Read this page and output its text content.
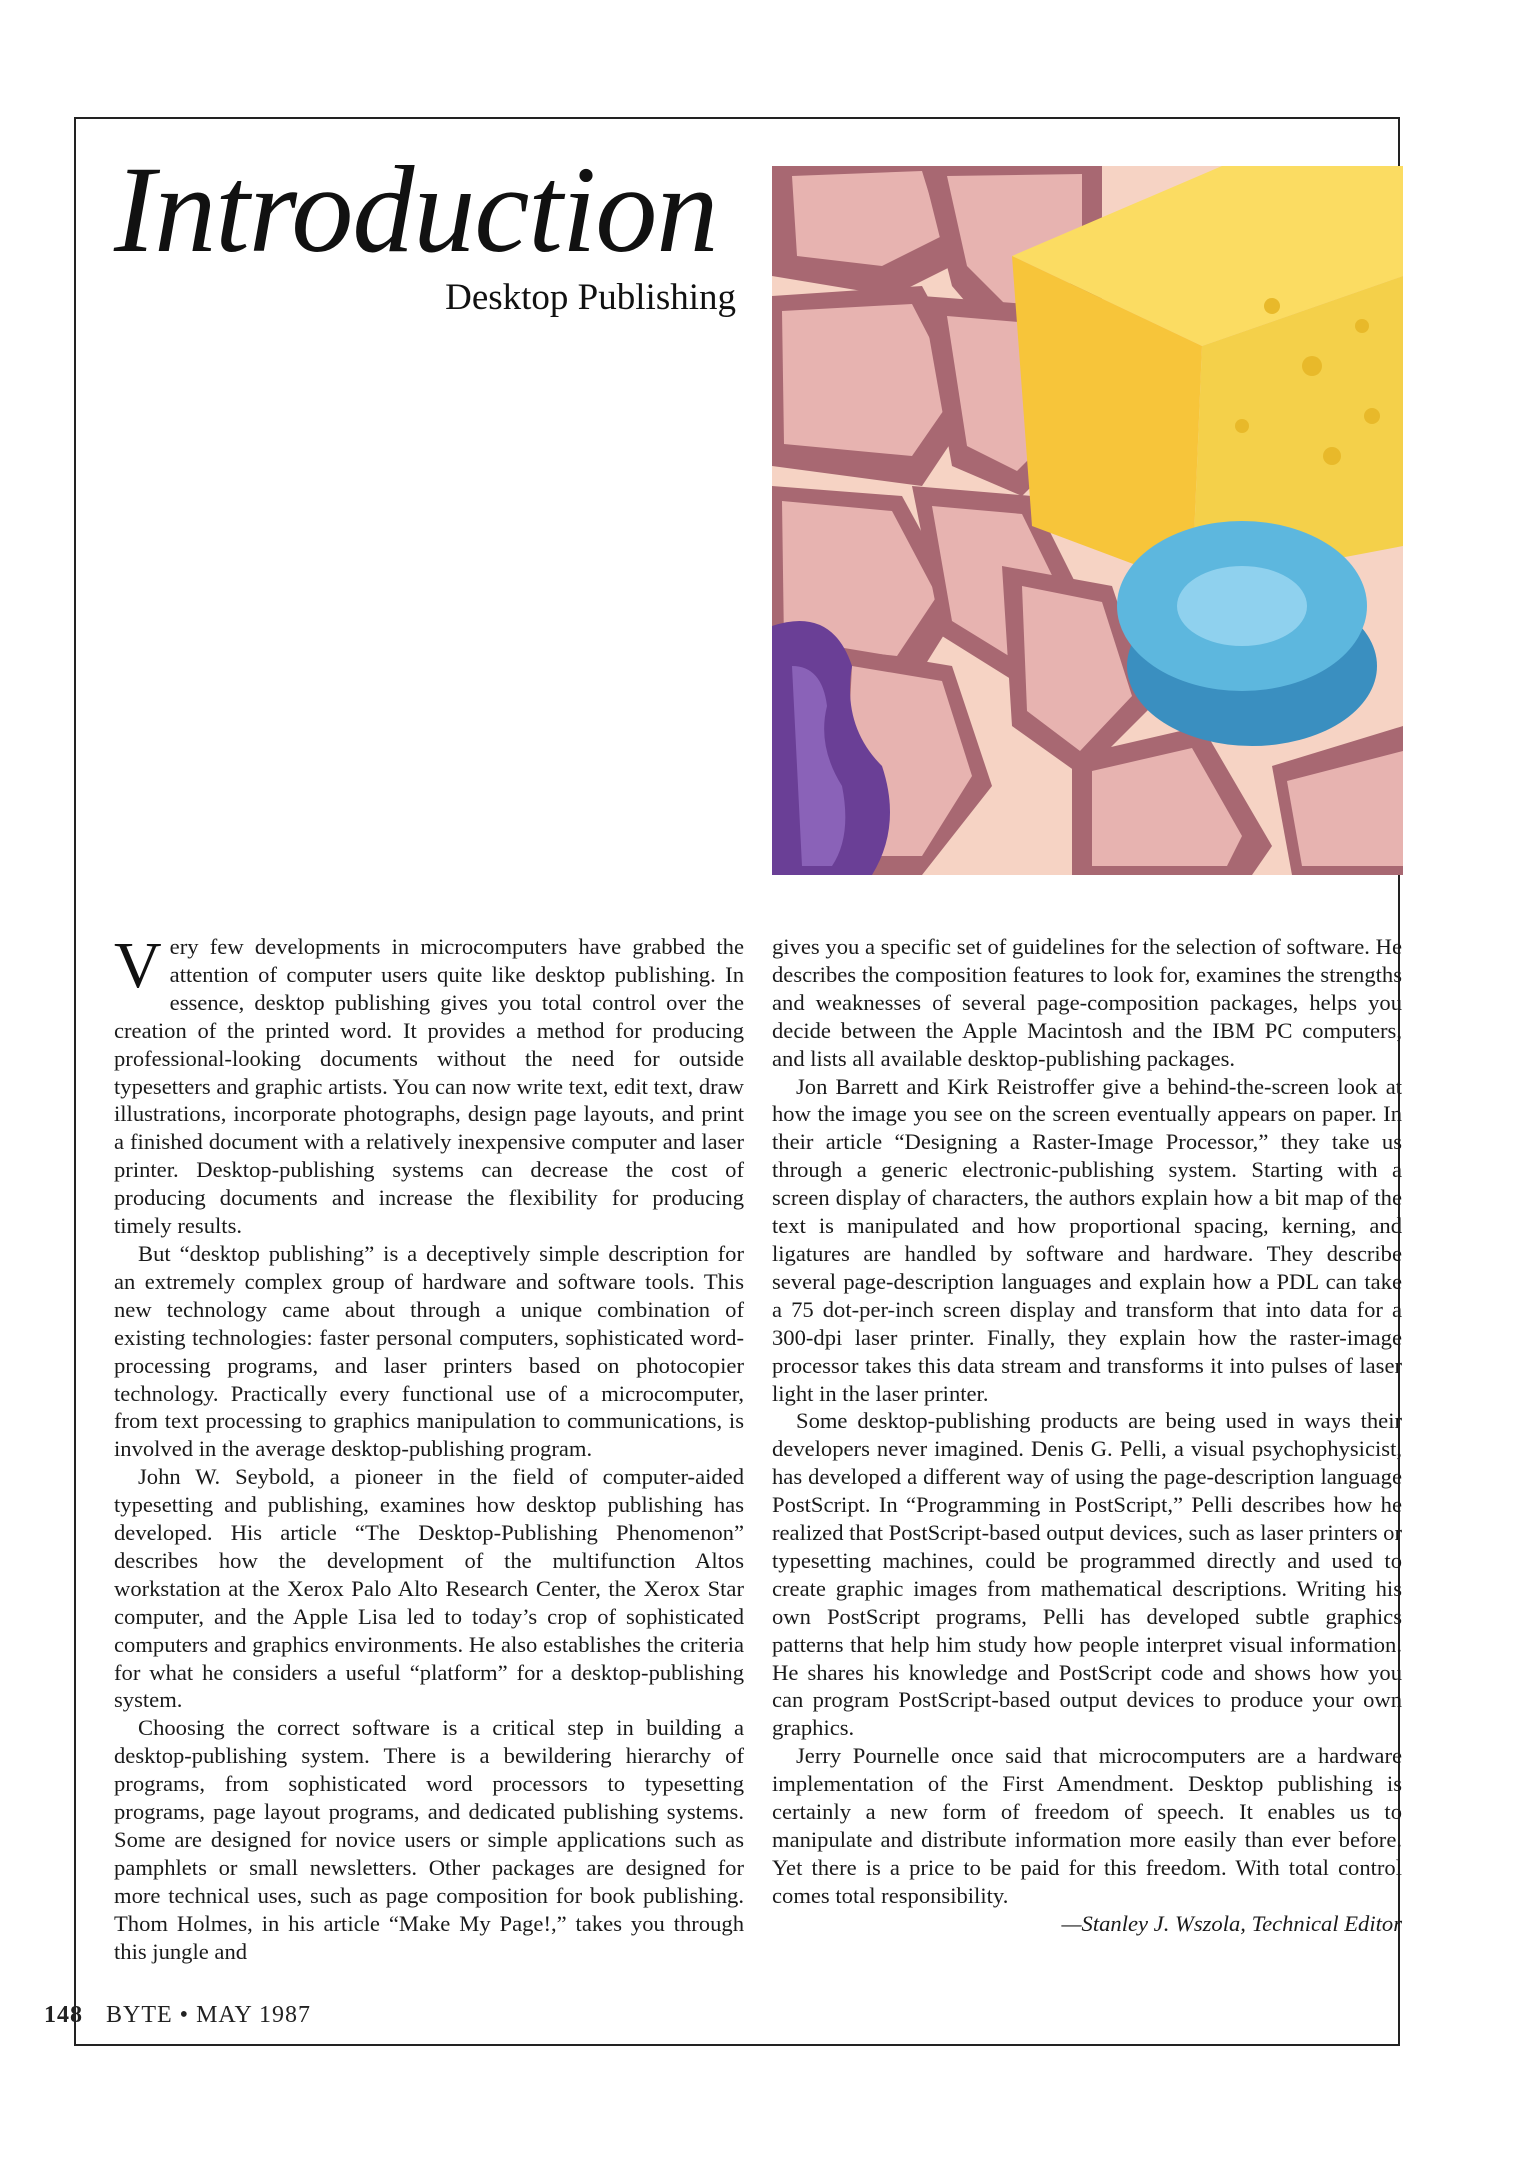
Introduction
Desktop Publishing

Very few developments in microcomputers have grabbed the attention of computer users quite like desktop publishing. In essence, desktop publishing gives you total control over the creation of the printed word. It provides a method for producing professional-looking documents without the need for outside typesetters and graphic artists. You can now write text, edit text, draw illustrations, incorporate photographs, design page layouts, and print a finished document with a relatively inexpensive computer and laser printer. Desktop-publishing systems can decrease the cost of producing documents and increase the flexibility for producing timely results.

But “desktop publishing” is a deceptively simple description for an extremely complex group of hardware and software tools. This new technology came about through a unique combination of existing technologies: faster personal computers, sophisticated word-processing programs, and laser printers based on photocopier technology. Practically every functional use of a microcomputer, from text processing to graphics manipulation to communications, is involved in the average desktop-publishing program.

John W. Seybold, a pioneer in the field of computer-aided typesetting and publishing, examines how desktop publishing has developed. His article “The Desktop-Publishing Phenomenon” describes how the development of the multifunction Altos workstation at the Xerox Palo Alto Research Center, the Xerox Star computer, and the Apple Lisa led to today’s crop of sophisticated computers and graphics environments. He also establishes the criteria for what he considers a useful “platform” for a desktop-publishing system.

Choosing the correct software is a critical step in building a desktop-publishing system. There is a bewildering hierarchy of programs, from sophisticated word processors to typesetting programs, page layout programs, and dedicated publishing systems. Some are designed for novice users or simple applications such as pamphlets or small newsletters. Other packages are designed for more technical uses, such as page composition for book publishing. Thom Holmes, in his article “Make My Page!,” takes you through this jungle and

gives you a specific set of guidelines for the selection of software. He describes the composition features to look for, examines the strengths and weaknesses of several page-composition packages, helps you decide between the Apple Macintosh and the IBM PC computers, and lists all available desktop-publishing packages.

Jon Barrett and Kirk Reistroffer give a behind-the-screen look at how the image you see on the screen eventually appears on paper. In their article “Designing a Raster-Image Processor,” they take us through a generic electronic-publishing system. Starting with a screen display of characters, the authors explain how a bit map of the text is manipulated and how proportional spacing, kerning, and ligatures are handled by software and hardware. They describe several page-description languages and explain how a PDL can take a 75 dot-per-inch screen display and transform that into data for a 300-dpi laser printer. Finally, they explain how the raster-image processor takes this data stream and transforms it into pulses of laser light in the laser printer.

Some desktop-publishing products are being used in ways their developers never imagined. Denis G. Pelli, a visual psychophysicist, has developed a different way of using the page-description language PostScript. In “Programming in PostScript,” Pelli describes how he realized that PostScript-based output devices, such as laser printers or typesetting machines, could be programmed directly and used to create graphic images from mathematical descriptions. Writing his own PostScript programs, Pelli has developed subtle graphics patterns that help him study how people interpret visual information. He shares his knowledge and PostScript code and shows how you can program PostScript-based output devices to produce your own graphics.

Jerry Pournelle once said that microcomputers are a hardware implementation of the First Amendment. Desktop publishing is certainly a new form of freedom of speech. It enables us to manipulate and distribute information more easily than ever before. Yet there is a price to be paid for this freedom. With total control comes total responsibility.

—Stanley J. Wszola, Technical Editor
148 BYTE • MAY 1987
